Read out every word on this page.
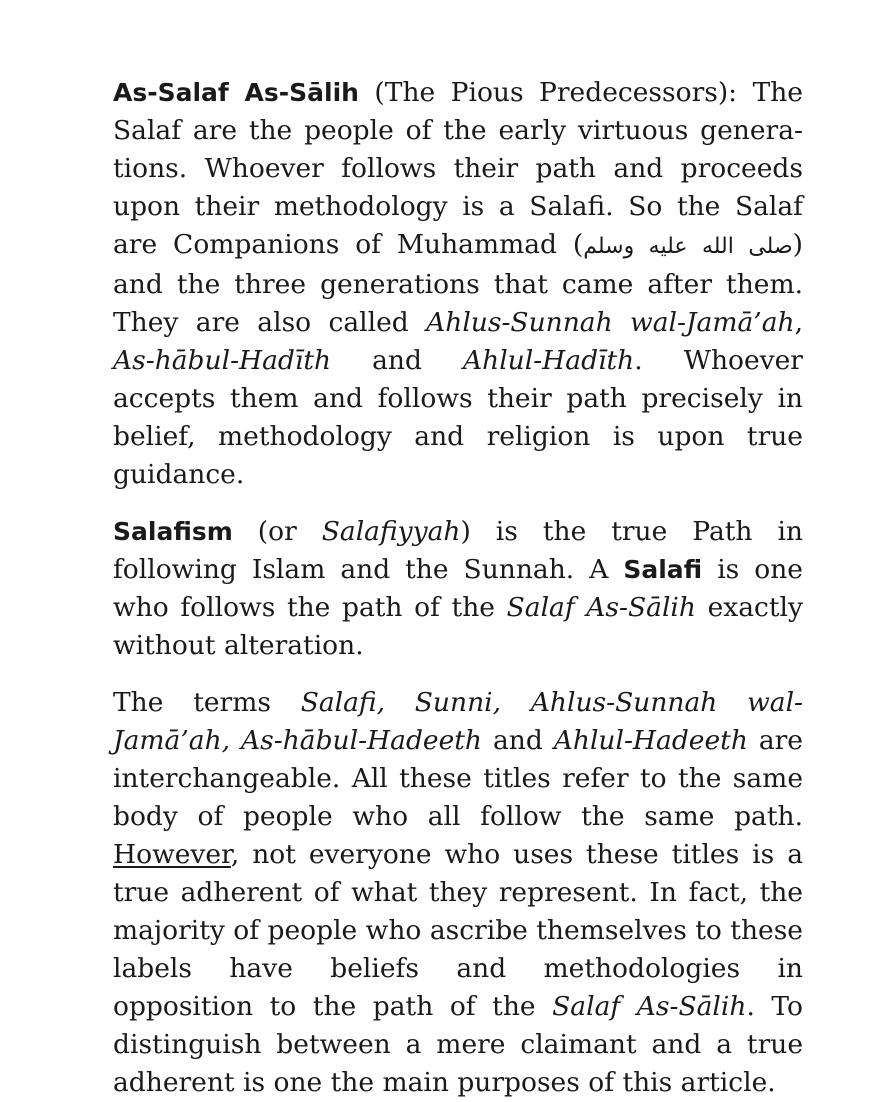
As-Salaf As-Sālih (The Pious Predecessors): The Salaf are the people of the early virtuous generations. Whoever follows their path and proceeds upon their methodology is a Salafi. So the Salaf are Companions of Muhammad (صلى الله عليه وسلم) and the three generations that came after them. They are also called Ahlus-Sunnah wal-Jamā’ah, As-hābul-Hadīth and Ahlul-Hadīth. Whoever accepts them and follows their path precisely in belief, methodology and religion is upon true guidance.

Salafism (or Salafiyyah) is the true Path in following Islam and the Sunnah. A Salafi is one who follows the path of the Salaf As-Sālih exactly without alteration.

The terms Salafi, Sunni, Ahlus-Sunnah wal-Jamā’ah, As-hābul-Hadeeth and Ahlul-Hadeeth are interchangeable. All these titles refer to the same body of people who all follow the same path. However, not everyone who uses these titles is a true adherent of what they represent. In fact, the majority of people who ascribe themselves to these labels have beliefs and methodologies in opposition to the path of the Salaf As-Sālih. To distinguish between a mere claimant and a true adherent is one the main purposes of this article.
